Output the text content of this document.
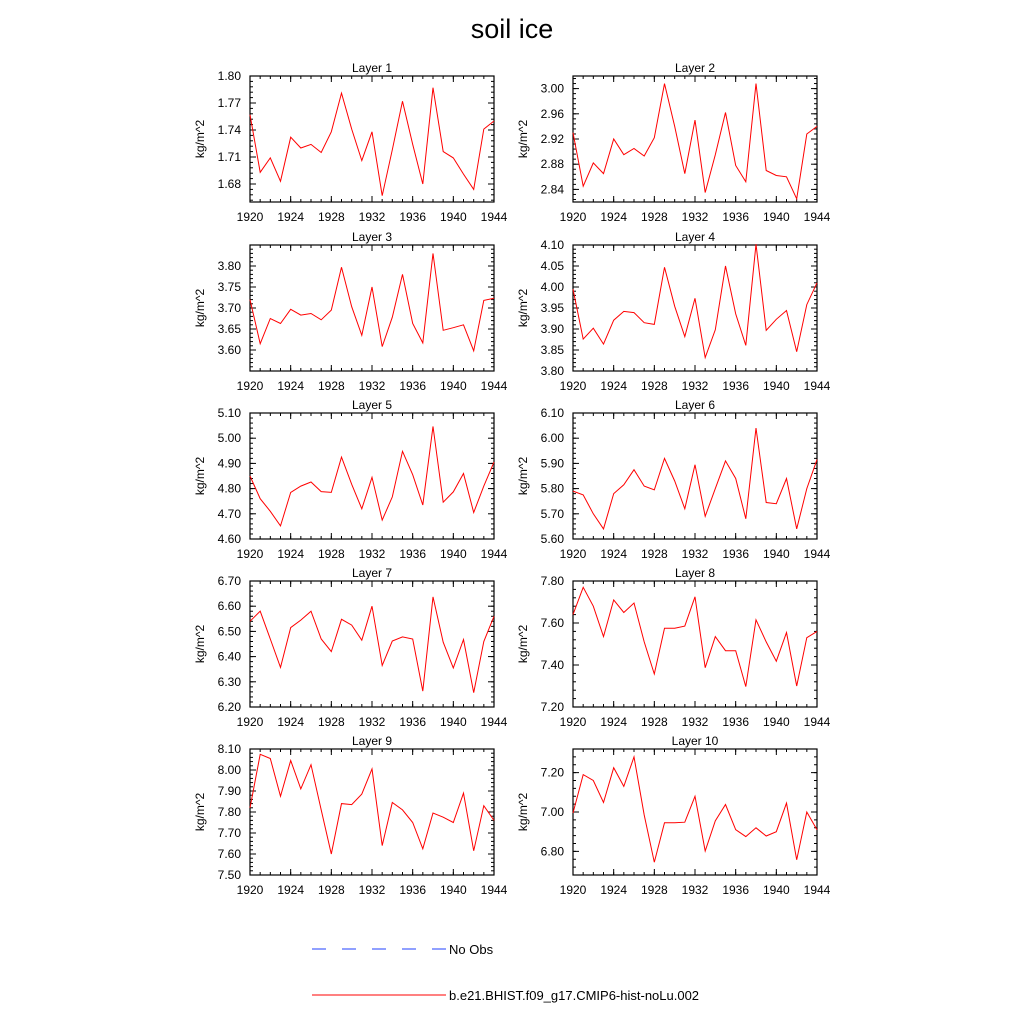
soil ice
Layer 1
1920 1924 1928 1932 1936 1940 1944
1.68
1.71
1.74
1.77
1.80
kg/m^2
Layer 2
1920 1924 1928 1932 1936 1940 1944
2.84
2.88
2.92
2.96
3.00
kg/m^2
Layer 3
1920 1924 1928 1932 1936 1940 1944
3.60
3.65
3.70
3.75
3.80
kg/m^2
Layer 4
1920 1924 1928 1932 1936 1940 1944
3.80
3.85
3.90
3.95
4.00
4.05
4.10
kg/m^2
Layer 5
1920 1924 1928 1932 1936 1940 1944
4.60
4.70
4.80
4.90
5.00
5.10
kg/m^2
Layer 6
1920 1924 1928 1932 1936 1940 1944
5.60
5.70
5.80
5.90
6.00
6.10
kg/m^2
Layer 7
1920 1924 1928 1932 1936 1940 1944
6.20
6.30
6.40
6.50
6.60
6.70
kg/m^2
Layer 8
1920 1924 1928 1932 1936 1940 1944
7.20
7.40
7.60
7.80
kg/m^2
Layer 9
1920 1924 1928 1932 1936 1940 1944
7.50
7.60
7.70
7.80
7.90
8.00
8.10
kg/m^2
Layer 10
1920 1924 1928 1932 1936 1940 1944
6.80
7.00
7.20
kg/m^2
No Obs
b.e21.BHIST.f09_g17.CMIP6-hist-noLu.002
